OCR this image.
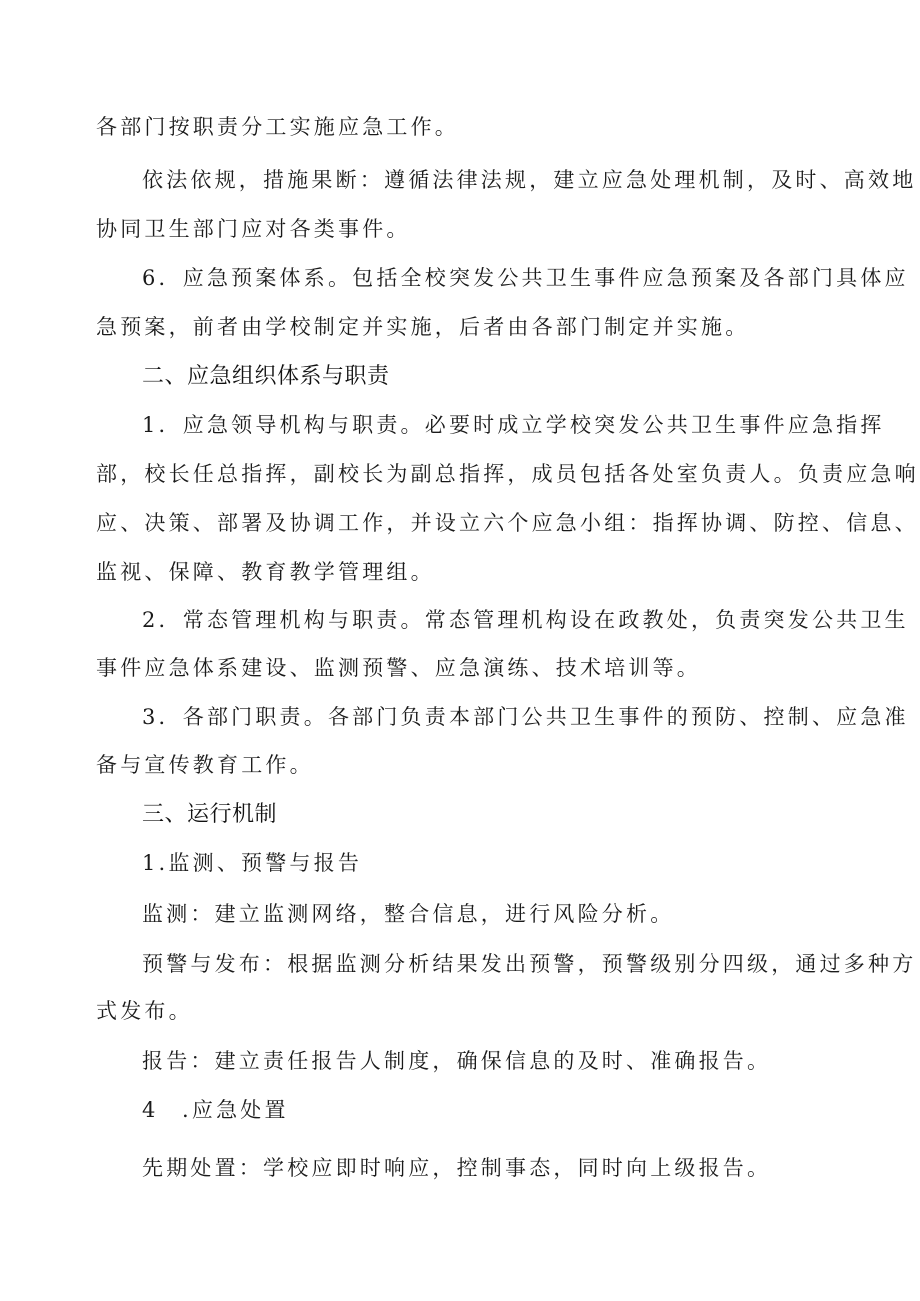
各部门按职责分工实施应急工作。
依法依规，措施果断：遵循法律法规，建立应急处理机制，及时、高效地
协同卫生部门应对各类事件。
6．应急预案体系。包括全校突发公共卫生事件应急预案及各部门具体应
急预案，前者由学校制定并实施，后者由各部门制定并实施。
二、应急组织体系与职责
1．应急领导机构与职责。必要时成立学校突发公共卫生事件应急指挥
部，校长任总指挥，副校长为副总指挥，成员包括各处室负责人。负责应急响
应、决策、部署及协调工作，并设立六个应急小组：指挥协调、防控、信息、
监视、保障、教育教学管理组。
2．常态管理机构与职责。常态管理机构设在政教处，负责突发公共卫生
事件应急体系建设、监测预警、应急演练、技术培训等。
3．各部门职责。各部门负责本部门公共卫生事件的预防、控制、应急准
备与宣传教育工作。
三、运行机制
1.监测、预警与报告
监测：建立监测网络，整合信息，进行风险分析。
预警与发布：根据监测分析结果发出预警，预警级别分四级，通过多种方
式发布。
报告：建立责任报告人制度，确保信息的及时、准确报告。
4 .应急处置
先期处置：学校应即时响应，控制事态，同时向上级报告。
